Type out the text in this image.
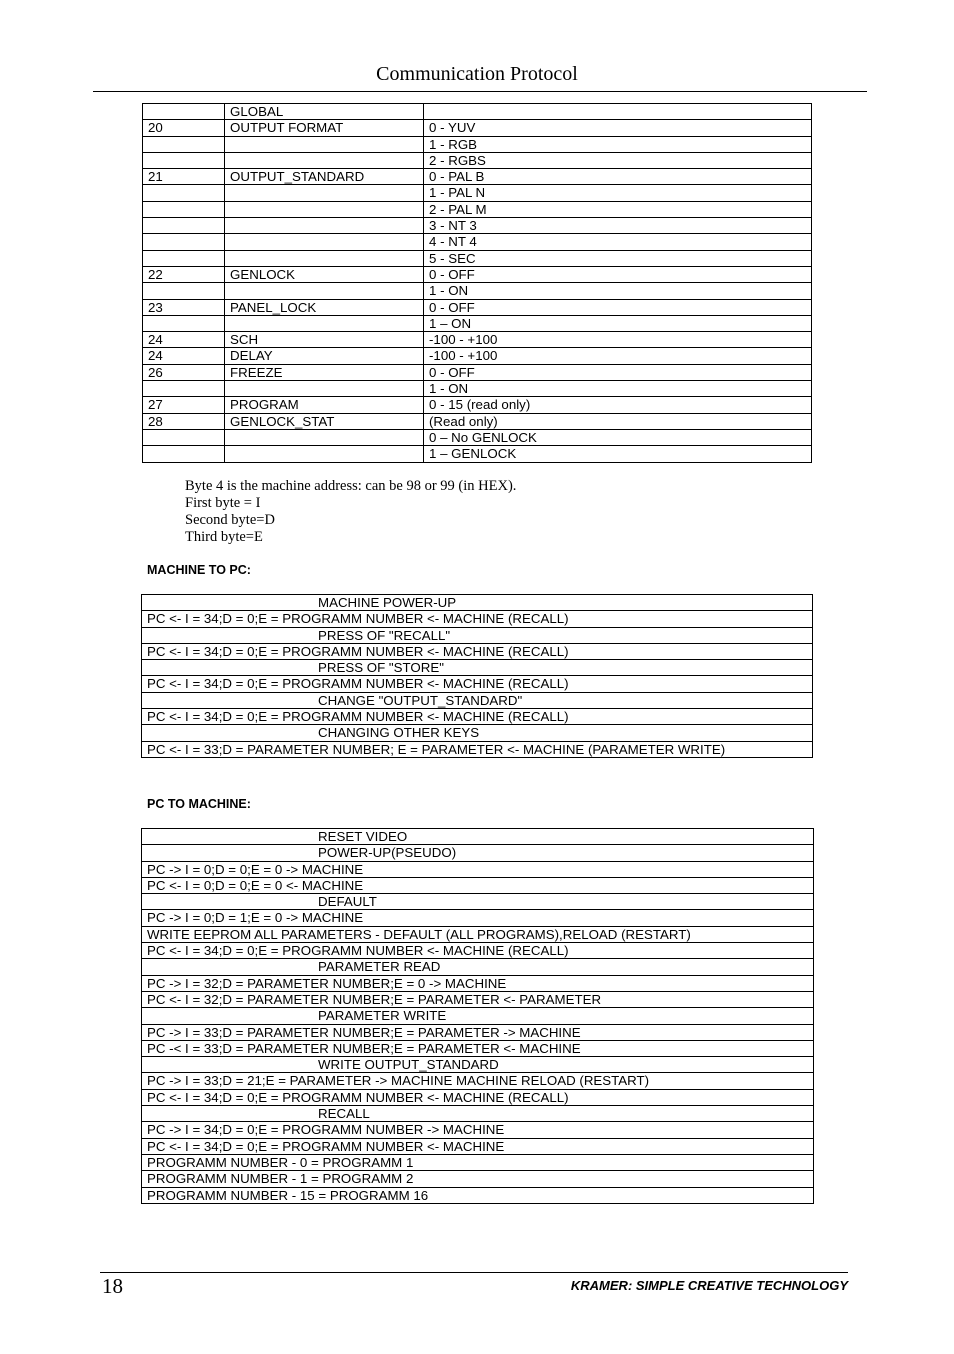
Communication Protocol
	GLOBAL	
20	OUTPUT FORMAT	0 - YUV
		1 - RGB
		2 - RGBS
21	OUTPUT_STANDARD	0 - PAL B
		1 - PAL N
		2 - PAL M
		3 - NT 3
		4 - NT 4
		5 - SEC
22	GENLOCK	0 - OFF
		1 - ON
23	PANEL_LOCK	0 - OFF
		1 – ON
24	SCH	-100 - +100
24	DELAY	-100 - +100
26	FREEZE	0 - OFF
		1 - ON
27	PROGRAM	0 - 15 (read only)
28	GENLOCK_STAT	(Read only)
		0 – No GENLOCK
		1 – GENLOCK
Byte 4 is the machine address: can be 98 or 99 (in HEX).
First byte = I
Second byte=D
Third byte=E
MACHINE TO PC:
MACHINE POWER-UP
PC <- I = 34;D = 0;E = PROGRAMM NUMBER <- MACHINE (RECALL)
PRESS OF "RECALL"
PC <- I = 34;D = 0;E = PROGRAMM NUMBER <- MACHINE (RECALL)
PRESS OF "STORE"
PC <- I = 34;D = 0;E = PROGRAMM NUMBER <- MACHINE (RECALL)
CHANGE "OUTPUT_STANDARD"
PC <- I = 34;D = 0;E = PROGRAMM NUMBER <- MACHINE (RECALL)
CHANGING OTHER KEYS
PC <- I = 33;D = PARAMETER NUMBER; E = PARAMETER <- MACHINE (PARAMETER WRITE)
PC TO MACHINE:
RESET VIDEO
POWER-UP(PSEUDO)
PC -> I = 0;D = 0;E = 0 -> MACHINE
PC <- I = 0;D = 0;E = 0 <- MACHINE
DEFAULT
PC -> I = 0;D = 1;E = 0 -> MACHINE
WRITE EEPROM ALL PARAMETERS - DEFAULT (ALL PROGRAMS),RELOAD (RESTART)
PC <- I = 34;D = 0;E = PROGRAMM NUMBER <- MACHINE (RECALL)
PARAMETER READ
PC -> I = 32;D = PARAMETER NUMBER;E = 0 -> MACHINE
PC <- I = 32;D = PARAMETER NUMBER;E = PARAMETER <- PARAMETER
PARAMETER WRITE
PC -> I = 33;D = PARAMETER NUMBER;E = PARAMETER -> MACHINE
PC -< I = 33;D = PARAMETER NUMBER;E = PARAMETER <- MACHINE
WRITE OUTPUT_STANDARD
PC -> I = 33;D = 21;E = PARAMETER -> MACHINE MACHINE RELOAD (RESTART)
PC <- I = 34;D = 0;E = PROGRAMM NUMBER <- MACHINE (RECALL)
RECALL
PC -> I = 34;D = 0;E = PROGRAMM NUMBER -> MACHINE
PC <- I = 34;D = 0;E = PROGRAMM NUMBER <- MACHINE
PROGRAMM NUMBER - 0 = PROGRAMM 1
PROGRAMM NUMBER - 1 = PROGRAMM 2
PROGRAMM NUMBER - 15 = PROGRAMM 16
18	KRAMER: SIMPLE CREATIVE TECHNOLOGY
